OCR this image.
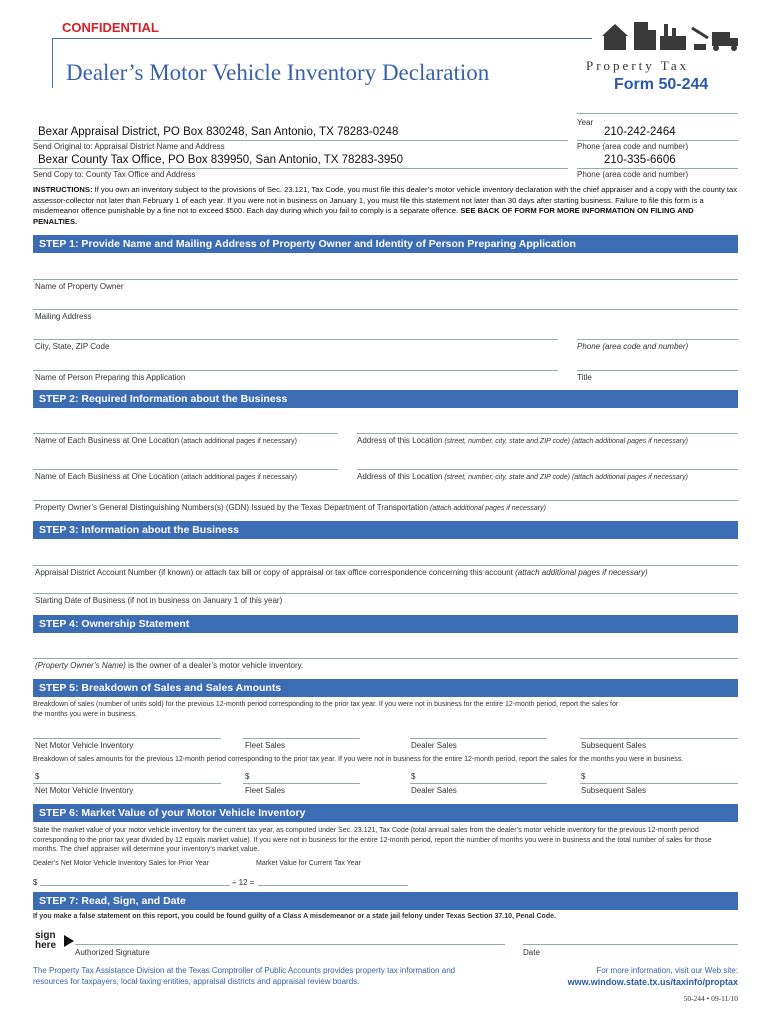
CONFIDENTIAL
Dealer’s Motor Vehicle Inventory Declaration	Property Tax
Form 50-244
Year
Bexar Appraisal District, PO Box 830248, San Antonio, TX 78283-0248
Send Original to: Appraisal District Name and Address
210-242-2464
Phone (area code and number)
Bexar County Tax Office, PO Box 839950, San Antonio, TX 78283-3950
Send Copy to: County Tax Office and Address
210-335-6606
Phone (area code and number)
INSTRUCTIONS: If you own an inventory subject to the provisions of Sec. 23.121, Tax Code, you must file this dealer’s motor vehicle inventory declaration with the chief appraiser and a copy with the county tax assessor-collector not later than February 1 of each year. If you were not in business on January 1, you must file this statement not later than 30 days after starting business. Failure to file this form is a misdemeanor offence punishable by a fine not to exceed $500. Each day during which you fail to comply is a separate offence. SEE BACK OF FORM FOR MORE INFORMATION ON FILING AND PENALTIES.
STEP 1: Provide Name and Mailing Address of Property Owner and Identity of Person Preparing Application
Name of Property Owner
Mailing Address
City, State, ZIP Code	Phone (area code and number)
Name of Person Preparing this Application	Title
STEP 2: Required Information about the Business
Name of Each Business at One Location (attach additional pages if necessary)	Address of this Location (street, number, city, state and ZIP code) (attach additional pages if necessary)
Name of Each Business at One Location (attach additional pages if necessary)	Address of this Location (street, number, city, state and ZIP code) (attach additional pages if necessary)
Property Owner’s General Distinguishing Numbers(s) (GDN) Issued by the Texas Department of Transportation (attach additional pages if necessary)
STEP 3: Information about the Business
Appraisal District Account Number (if known) or attach tax bill or copy of appraisal or tax office correspondence concerning this account (attach additional pages if necessary)
Starting Date of Business (if not in business on January 1 of this year)
STEP 4: Ownership Statement
(Property Owner’s Name) is the owner of a dealer’s motor vehicle inventory.
STEP 5: Breakdown of Sales and Sales Amounts
Breakdown of sales (number of units sold) for the previous 12-month period corresponding to the prior tax year. If you were not in business for the entire 12-month period, report the sales for the months you were in business.
Net Motor Vehicle Inventory	Fleet Sales	Dealer Sales	Subsequent Sales
Breakdown of sales amounts for the previous 12-month period corresponding to the prior tax year. If you were not in business for the entire 12-month period, report the sales for the months you were in business.
$	$	$	$
Net Motor Vehicle Inventory	Fleet Sales	Dealer Sales	Subsequent Sales
STEP 6: Market Value of your Motor Vehicle Inventory
State the market value of your motor vehicle inventory for the current tax year, as computed under Sec. 23.121, Tax Code (total annual sales from the dealer’s motor vehicle inventory for the previous 12-month period corresponding to the prior tax year divided by 12 equals market value). If you were not in business for the entire 12-month period, report the number of months you were in business and the total number of sales for those months. The chief appraiser will determine your inventory’s market value.
Dealer’s Net Motor Vehicle Inventory Sales for Prior Year	Market Value for Current Tax Year
$	÷ 12 =
STEP 7: Read, Sign, and Date
If you make a false statement on this report, you could be found guilty of a Class A misdemeanor or a state jail felony under Texas Section 37.10, Penal Code.
sign here
Authorized Signature	Date
The Property Tax Assistance Division at the Texas Comptroller of Public Accounts provides property tax information and resources for taxpayers, local taxing entities, appraisal districts and appraisal review boards.
For more information, visit our Web site:
www.window.state.tx.us/taxinfo/proptax
50-244 • 09-11/10
